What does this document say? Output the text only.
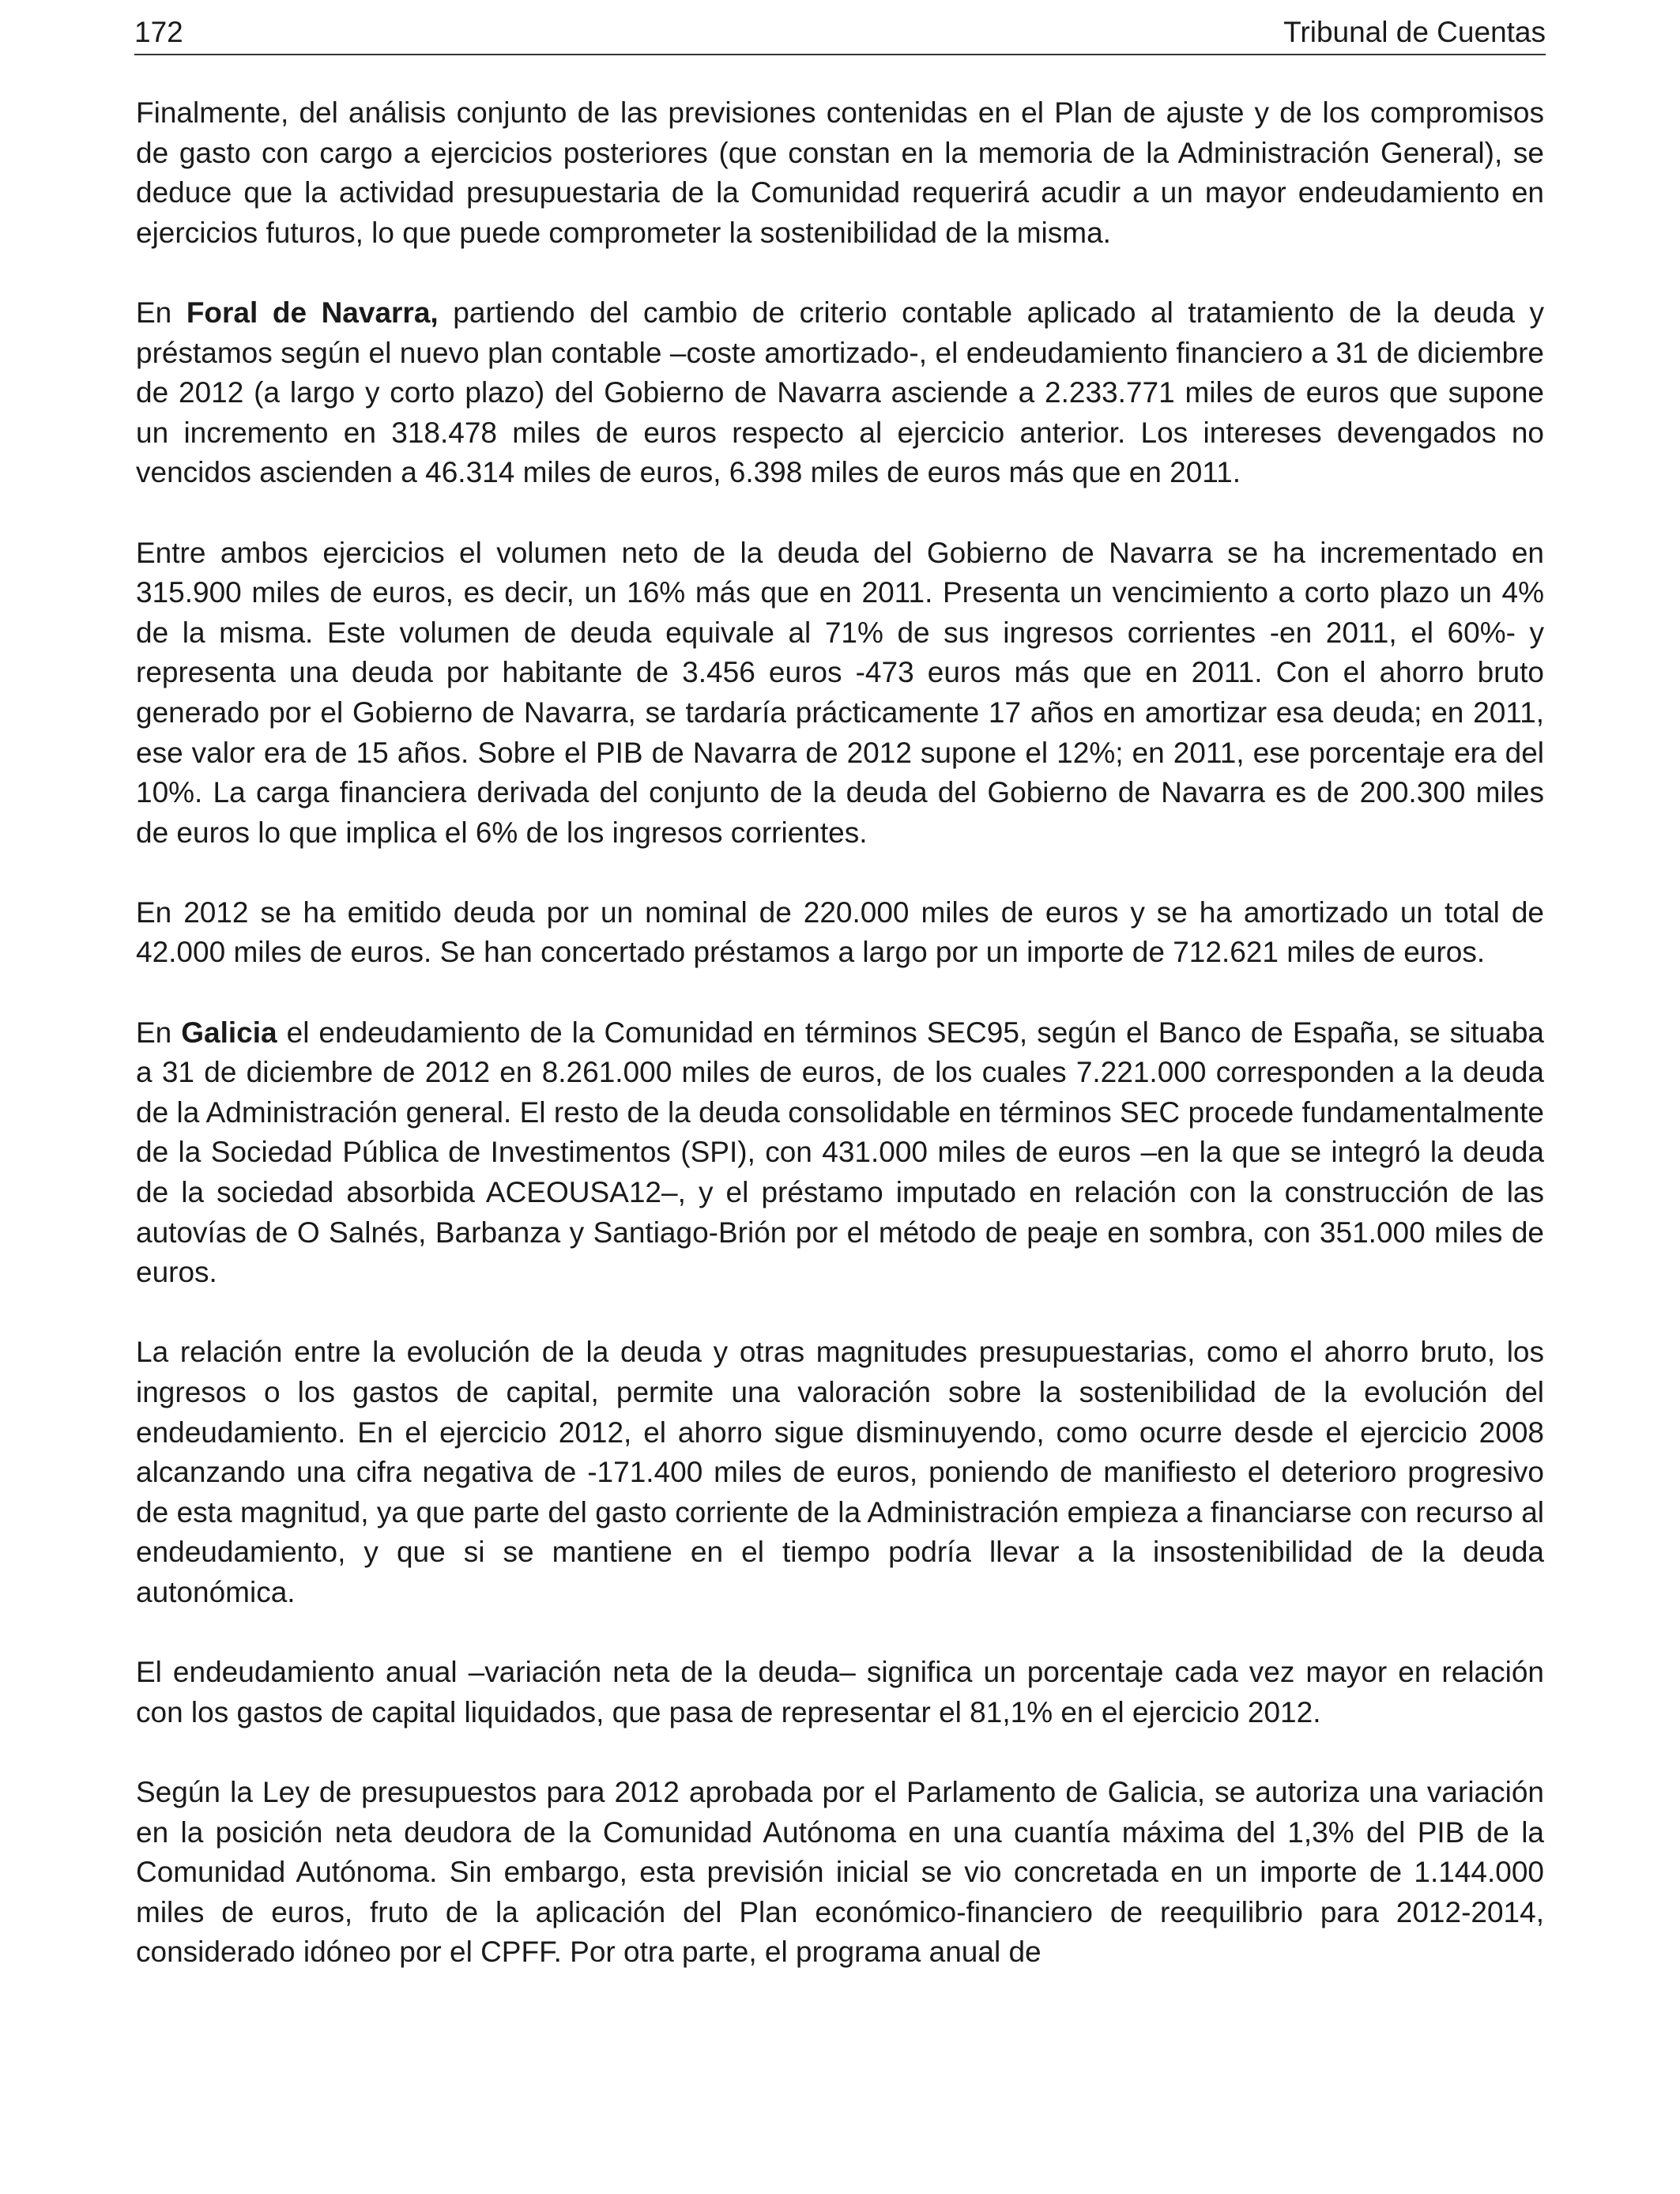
172	Tribunal de Cuentas

Finalmente, del análisis conjunto de las previsiones contenidas en el Plan de ajuste y de los compromisos de gasto con cargo a ejercicios posteriores (que constan en la memoria de la Administración General), se deduce que la actividad presupuestaria de la Comunidad requerirá acudir a un mayor endeudamiento en ejercicios futuros, lo que puede comprometer la sostenibilidad de la misma.

En Foral de Navarra, partiendo del cambio de criterio contable aplicado al tratamiento de la deuda y préstamos según el nuevo plan contable –coste amortizado-, el endeudamiento financiero a 31 de diciembre de 2012 (a largo y corto plazo) del Gobierno de Navarra asciende a 2.233.771 miles de euros que supone un incremento en 318.478 miles de euros respecto al ejercicio anterior. Los intereses devengados no vencidos ascienden a 46.314 miles de euros, 6.398 miles de euros más que en 2011.

Entre ambos ejercicios el volumen neto de la deuda del Gobierno de Navarra se ha incrementado en 315.900 miles de euros, es decir, un 16% más que en 2011. Presenta un vencimiento a corto plazo un 4% de la misma. Este volumen de deuda equivale al 71% de sus ingresos corrientes -en 2011, el 60%- y representa una deuda por habitante de 3.456 euros -473 euros más que en 2011. Con el ahorro bruto generado por el Gobierno de Navarra, se tardaría prácticamente 17 años en amortizar esa deuda; en 2011, ese valor era de 15 años. Sobre el PIB de Navarra de 2012 supone el 12%; en 2011, ese porcentaje era del 10%. La carga financiera derivada del conjunto de la deuda del Gobierno de Navarra es de 200.300 miles de euros lo que implica el 6% de los ingresos corrientes.

En 2012 se ha emitido deuda por un nominal de 220.000 miles de euros y se ha amortizado un total de 42.000 miles de euros. Se han concertado préstamos a largo por un importe de 712.621 miles de euros.

En Galicia el endeudamiento de la Comunidad en términos SEC95, según el Banco de España, se situaba a 31 de diciembre de 2012 en 8.261.000 miles de euros, de los cuales 7.221.000 corresponden a la deuda de la Administración general. El resto de la deuda consolidable en términos SEC procede fundamentalmente de la Sociedad Pública de Investimentos (SPI), con 431.000 miles de euros –en la que se integró la deuda de la sociedad absorbida ACEOUSA12–, y el préstamo imputado en relación con la construcción de las autovías de O Salnés, Barbanza y Santiago-Brión por el método de peaje en sombra, con 351.000 miles de euros.

La relación entre la evolución de la deuda y otras magnitudes presupuestarias, como el ahorro bruto, los ingresos o los gastos de capital, permite una valoración sobre la sostenibilidad de la evolución del endeudamiento. En el ejercicio 2012, el ahorro sigue disminuyendo, como ocurre desde el ejercicio 2008 alcanzando una cifra negativa de -171.400 miles de euros, poniendo de manifiesto el deterioro progresivo de esta magnitud, ya que parte del gasto corriente de la Administración empieza a financiarse con recurso al endeudamiento, y que si se mantiene en el tiempo podría llevar a la insostenibilidad de la deuda autonómica.

El endeudamiento anual –variación neta de la deuda– significa un porcentaje cada vez mayor en relación con los gastos de capital liquidados, que pasa de representar el 81,1% en el ejercicio 2012.

Según la Ley de presupuestos para 2012 aprobada por el Parlamento de Galicia, se autoriza una variación en la posición neta deudora de la Comunidad Autónoma en una cuantía máxima del 1,3% del PIB de la Comunidad Autónoma. Sin embargo, esta previsión inicial se vio concretada en un importe de 1.144.000 miles de euros, fruto de la aplicación del Plan económico-financiero de reequilibrio para 2012-2014, considerado idóneo por el CPFF. Por otra parte, el programa anual de
